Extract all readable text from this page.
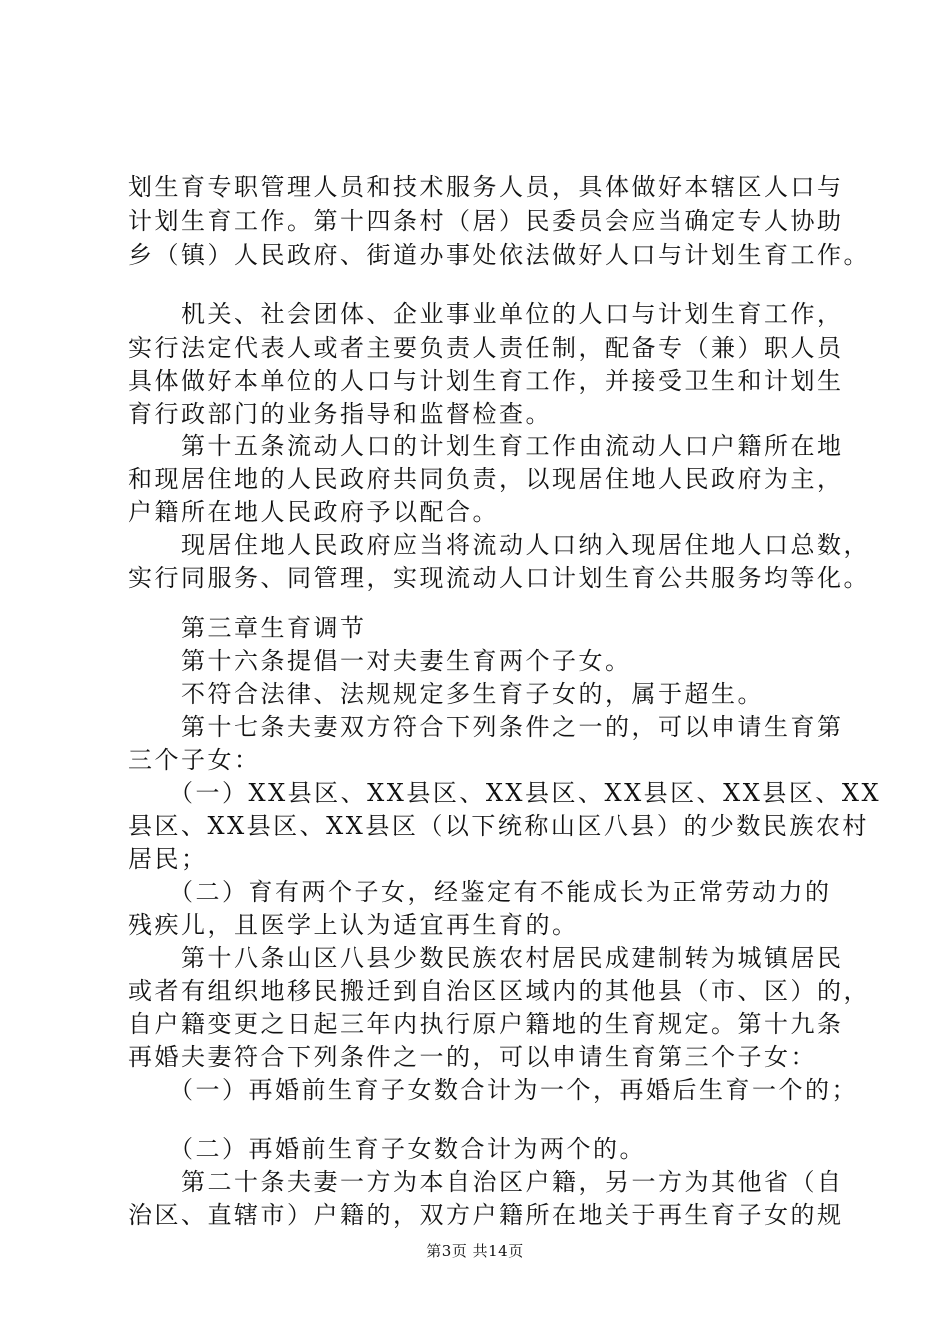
划生育专职管理人员和技术服务人员，具体做好本辖区人口与
计划生育工作。第十四条村（居）民委员会应当确定专人协助
乡（镇）人民政府、街道办事处依法做好人口与计划生育工作。
　　机关、社会团体、企业事业单位的人口与计划生育工作，
实行法定代表人或者主要负责人责任制，配备专（兼）职人员
具体做好本单位的人口与计划生育工作，并接受卫生和计划生
育行政部门的业务指导和监督检查。
　　第十五条流动人口的计划生育工作由流动人口户籍所在地
和现居住地的人民政府共同负责，以现居住地人民政府为主，
户籍所在地人民政府予以配合。
　　现居住地人民政府应当将流动人口纳入现居住地人口总数，
实行同服务、同管理，实现流动人口计划生育公共服务均等化。
　　第三章生育调节
　　第十六条提倡一对夫妻生育两个子女。
　　不符合法律、法规规定多生育子女的，属于超生。
　　第十七条夫妻双方符合下列条件之一的，可以申请生育第
三个子女：
　　（一）XX县区、XX县区、XX县区、XX县区、XX县区、XX
县区、XX县区、XX县区（以下统称山区八县）的少数民族农村
居民；
　　（二）育有两个子女，经鉴定有不能成长为正常劳动力的
残疾儿，且医学上认为适宜再生育的。
　　第十八条山区八县少数民族农村居民成建制转为城镇居民
或者有组织地移民搬迁到自治区区域内的其他县（市、区）的，
自户籍变更之日起三年内执行原户籍地的生育规定。第十九条
再婚夫妻符合下列条件之一的，可以申请生育第三个子女：
　　（一）再婚前生育子女数合计为一个，再婚后生育一个的；
　　（二）再婚前生育子女数合计为两个的。
　　第二十条夫妻一方为本自治区户籍，另一方为其他省（自
治区、直辖市）户籍的，双方户籍所在地关于再生育子女的规
第3页 共14页
